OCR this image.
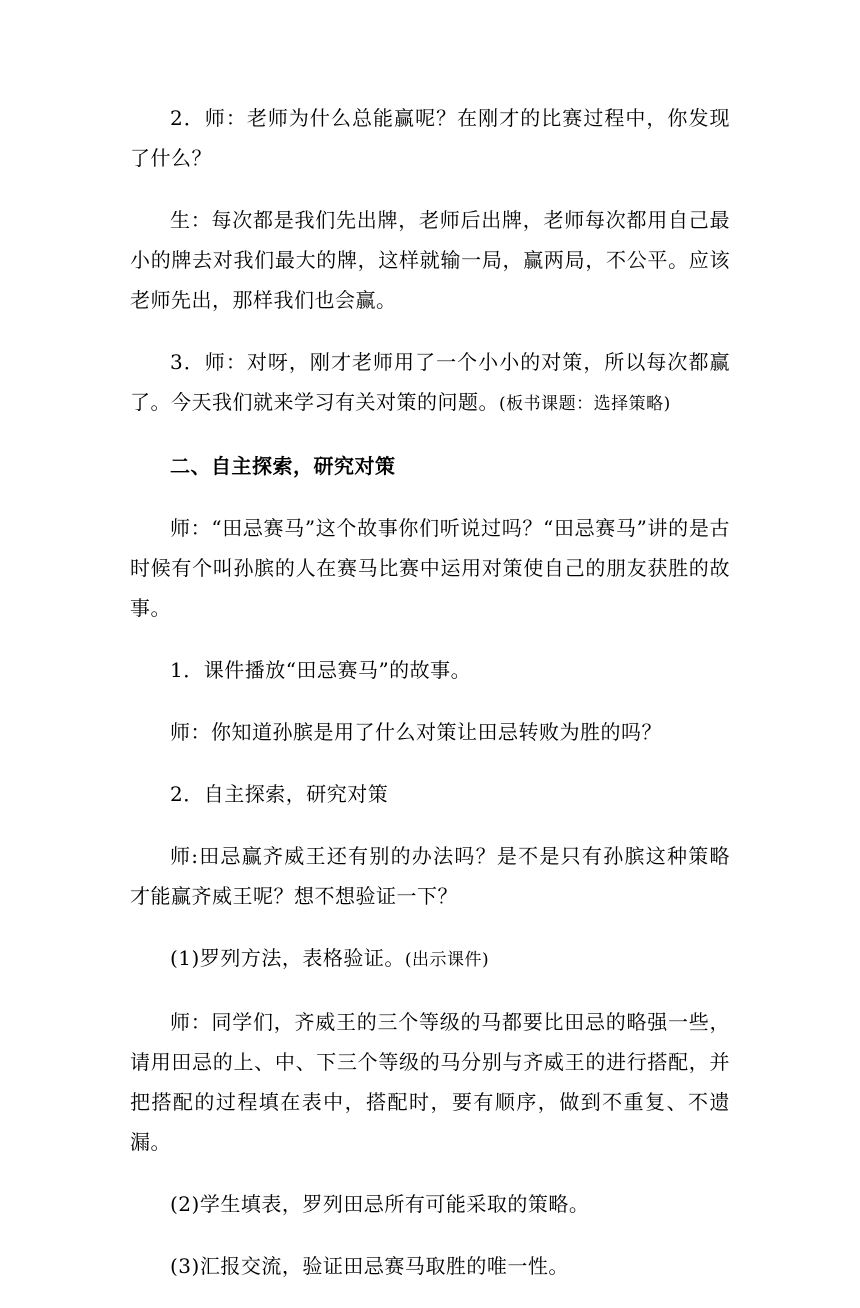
2．师：老师为什么总能赢呢？在刚才的比赛过程中，你发现了什么？

生：每次都是我们先出牌，老师后出牌，老师每次都用自己最小的牌去对我们最大的牌，这样就输一局，赢两局，不公平。应该老师先出，那样我们也会赢。

3．师：对呀，刚才老师用了一个小小的对策，所以每次都赢了。今天我们就来学习有关对策的问题。(板书课题：选择策略)

二、自主探索，研究对策

师：“田忌赛马”这个故事你们听说过吗？“田忌赛马”讲的是古时候有个叫孙膑的人在赛马比赛中运用对策使自己的朋友获胜的故事。

1．课件播放“田忌赛马”的故事。

师：你知道孙膑是用了什么对策让田忌转败为胜的吗？

2．自主探索，研究对策

师:田忌赢齐威王还有别的办法吗？是不是只有孙膑这种策略才能赢齐威王呢？想不想验证一下？

(1)罗列方法，表格验证。(出示课件)

师：同学们，齐威王的三个等级的马都要比田忌的略强一些，请用田忌的上、中、下三个等级的马分别与齐威王的进行搭配，并把搭配的过程填在表中，搭配时，要有顺序，做到不重复、不遗漏。

(2)学生填表，罗列田忌所有可能采取的策略。

(3)汇报交流，验证田忌赛马取胜的唯一性。
